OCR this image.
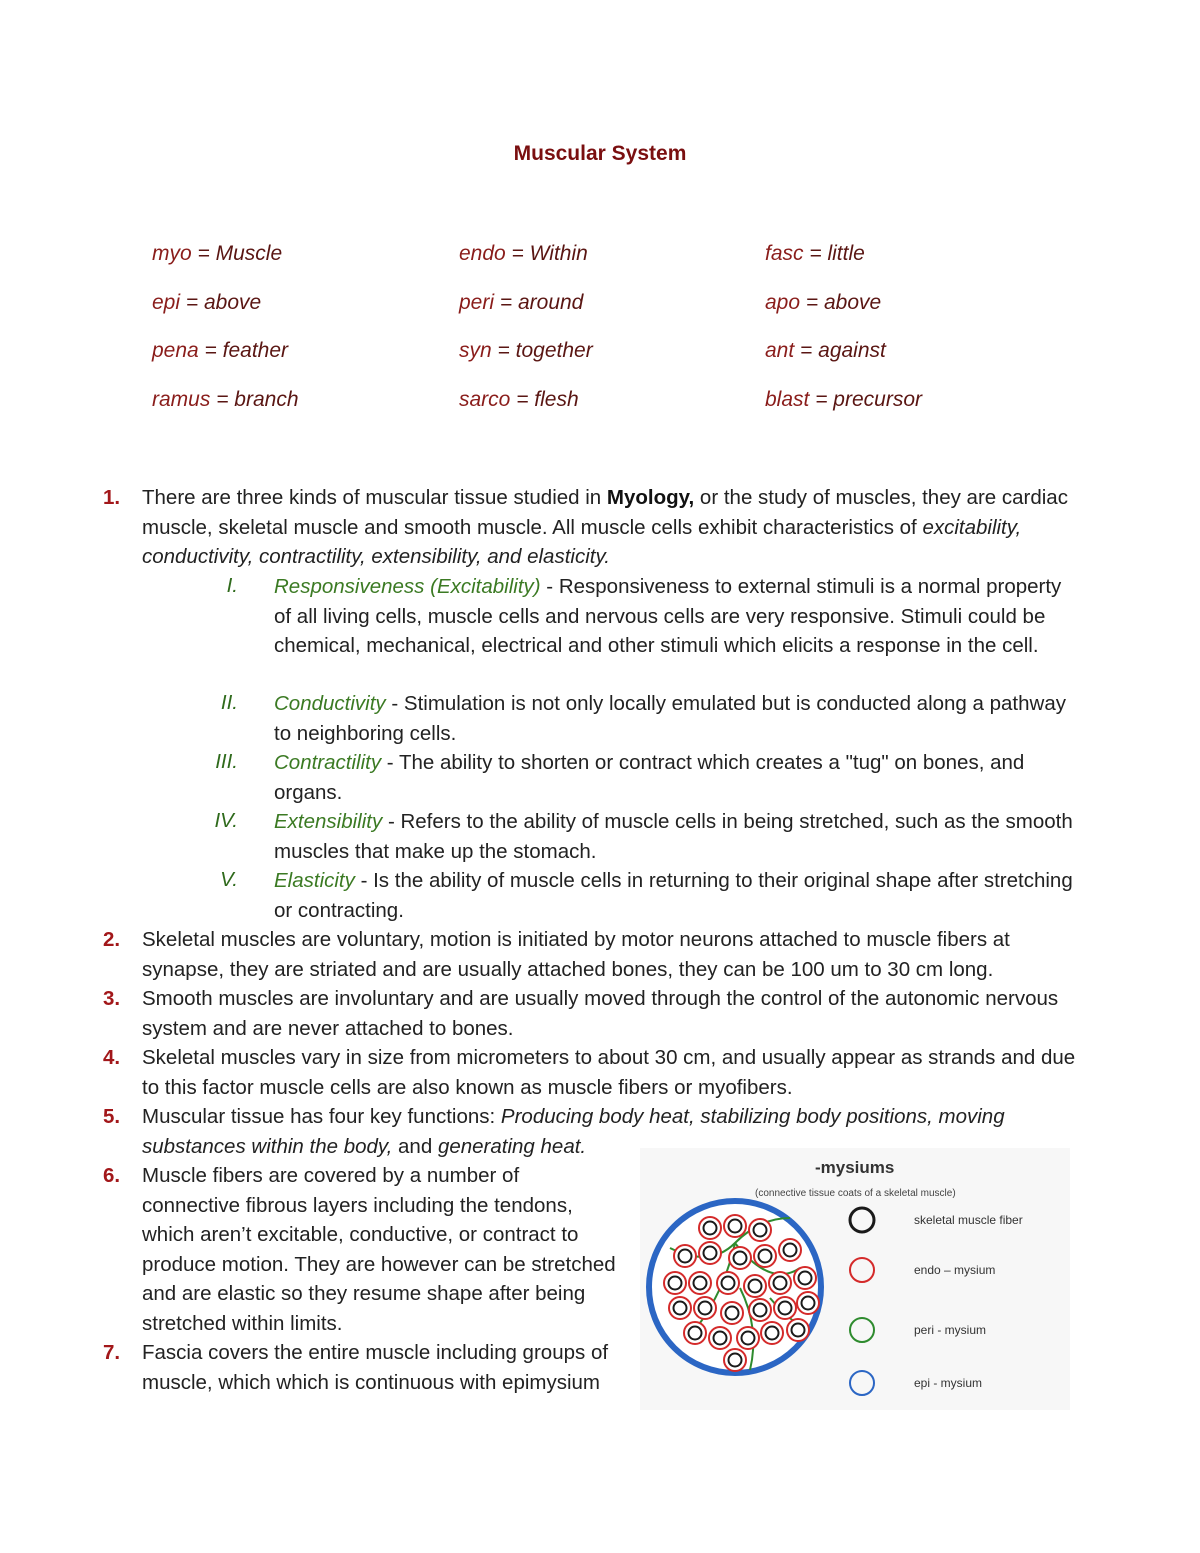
Muscular System
myo = Muscle	endo = Within	fasc = little
epi = above	peri = around	apo = above
pena = feather	syn = together	ant = against
ramus = branch	sarco = flesh	blast = precursor
1. There are three kinds of muscular tissue studied in Myology, or the study of muscles, they are cardiac muscle, skeletal muscle and smooth muscle. All muscle cells exhibit characteristics of excitability, conductivity, contractility, extensibility, and elasticity.
I. Responsiveness (Excitability) - Responsiveness to external stimuli is a normal property of all living cells, muscle cells and nervous cells are very responsive. Stimuli could be chemical, mechanical, electrical and other stimuli which elicits a response in the cell.
II. Conductivity - Stimulation is not only locally emulated but is conducted along a pathway to neighboring cells.
III. Contractility - The ability to shorten or contract which creates a "tug" on bones, and organs.
IV. Extensibility - Refers to the ability of muscle cells in being stretched, such as the smooth muscles that make up the stomach.
V. Elasticity - Is the ability of muscle cells in returning to their original shape after stretching or contracting.
2. Skeletal muscles are voluntary, motion is initiated by motor neurons attached to muscle fibers at synapse, they are striated and are usually attached bones, they can be 100 um to 30 cm long.
3. Smooth muscles are involuntary and are usually moved through the control of the autonomic nervous system and are never attached to bones.
4. Skeletal muscles vary in size from micrometers to about 30 cm, and usually appear as strands and due to this factor muscle cells are also known as muscle fibers or myofibers.
5. Muscular tissue has four key functions: Producing body heat, stabilizing body positions, moving substances within the body, and generating heat.
6. Muscle fibers are covered by a number of connective fibrous layers including the tendons, which aren’t excitable, conductive, or contract to produce motion. They are however can be stretched and are elastic so they resume shape after being stretched within limits.
7. Fascia covers the entire muscle including groups of muscle, which which is continuous with epimysium
-mysiums
(connective tissue coats of a skeletal muscle)
skeletal muscle fiber
endo – mysium
peri - mysium
epi - mysium
